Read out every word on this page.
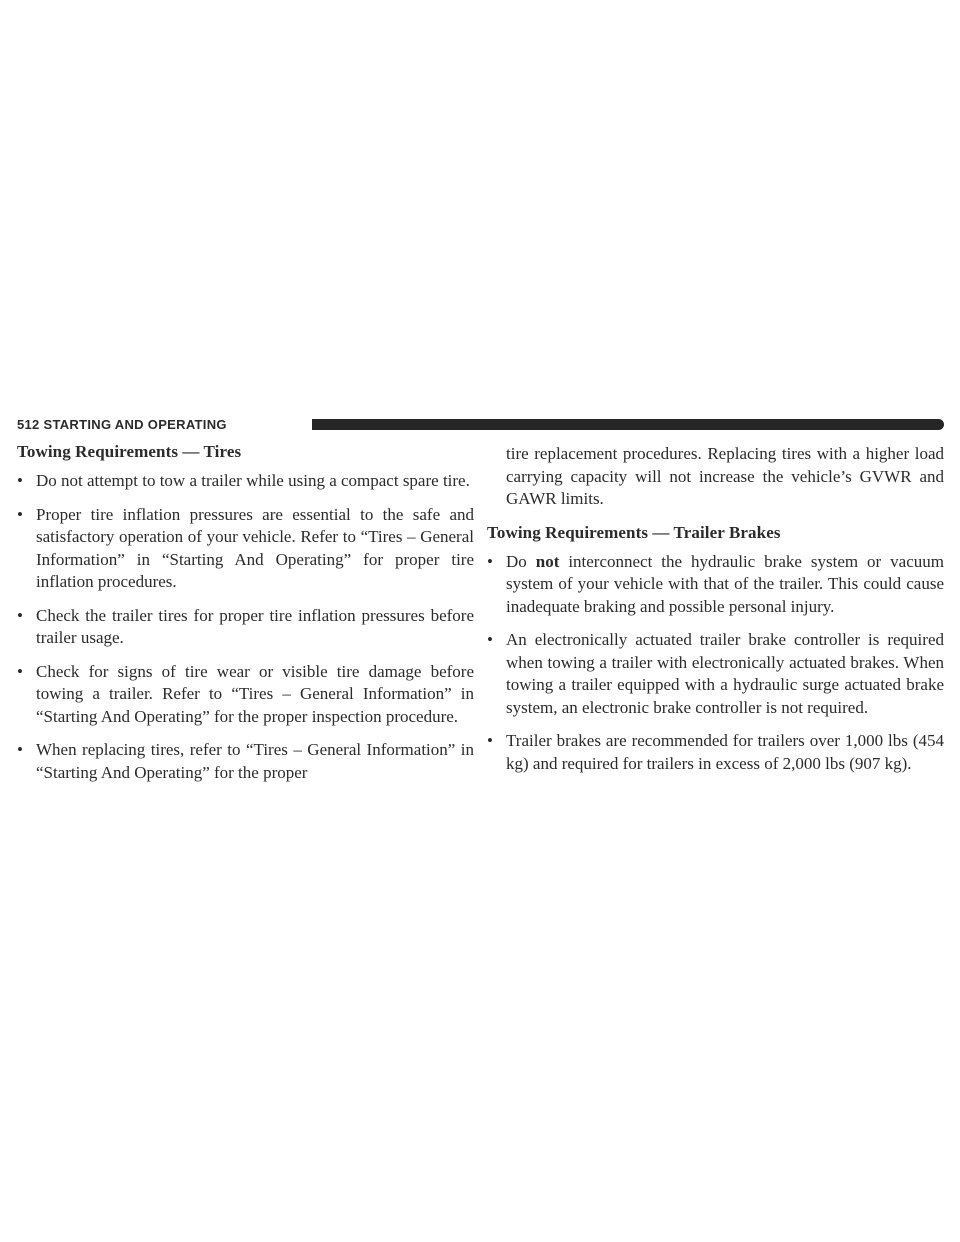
512 STARTING AND OPERATING
Towing Requirements — Tires
• Do not attempt to tow a trailer while using a compact spare tire.
• Proper tire inflation pressures are essential to the safe and satisfactory operation of your vehicle. Refer to “Tires – General Information” in “Starting And Operating” for proper tire inflation procedures.
• Check the trailer tires for proper tire inflation pressures before trailer usage.
• Check for signs of tire wear or visible tire damage before towing a trailer. Refer to “Tires – General Information” in “Starting And Operating” for the proper inspection procedure.
• When replacing tires, refer to “Tires – General Information” in “Starting And Operating” for the proper

tire replacement procedures. Replacing tires with a higher load carrying capacity will not increase the vehicle’s GVWR and GAWR limits.

Towing Requirements — Trailer Brakes
• Do not interconnect the hydraulic brake system or vacuum system of your vehicle with that of the trailer. This could cause inadequate braking and possible personal injury.
• An electronically actuated trailer brake controller is required when towing a trailer with electronically actuated brakes. When towing a trailer equipped with a hydraulic surge actuated brake system, an electronic brake controller is not required.
• Trailer brakes are recommended for trailers over 1,000 lbs (454 kg) and required for trailers in excess of 2,000 lbs (907 kg).
